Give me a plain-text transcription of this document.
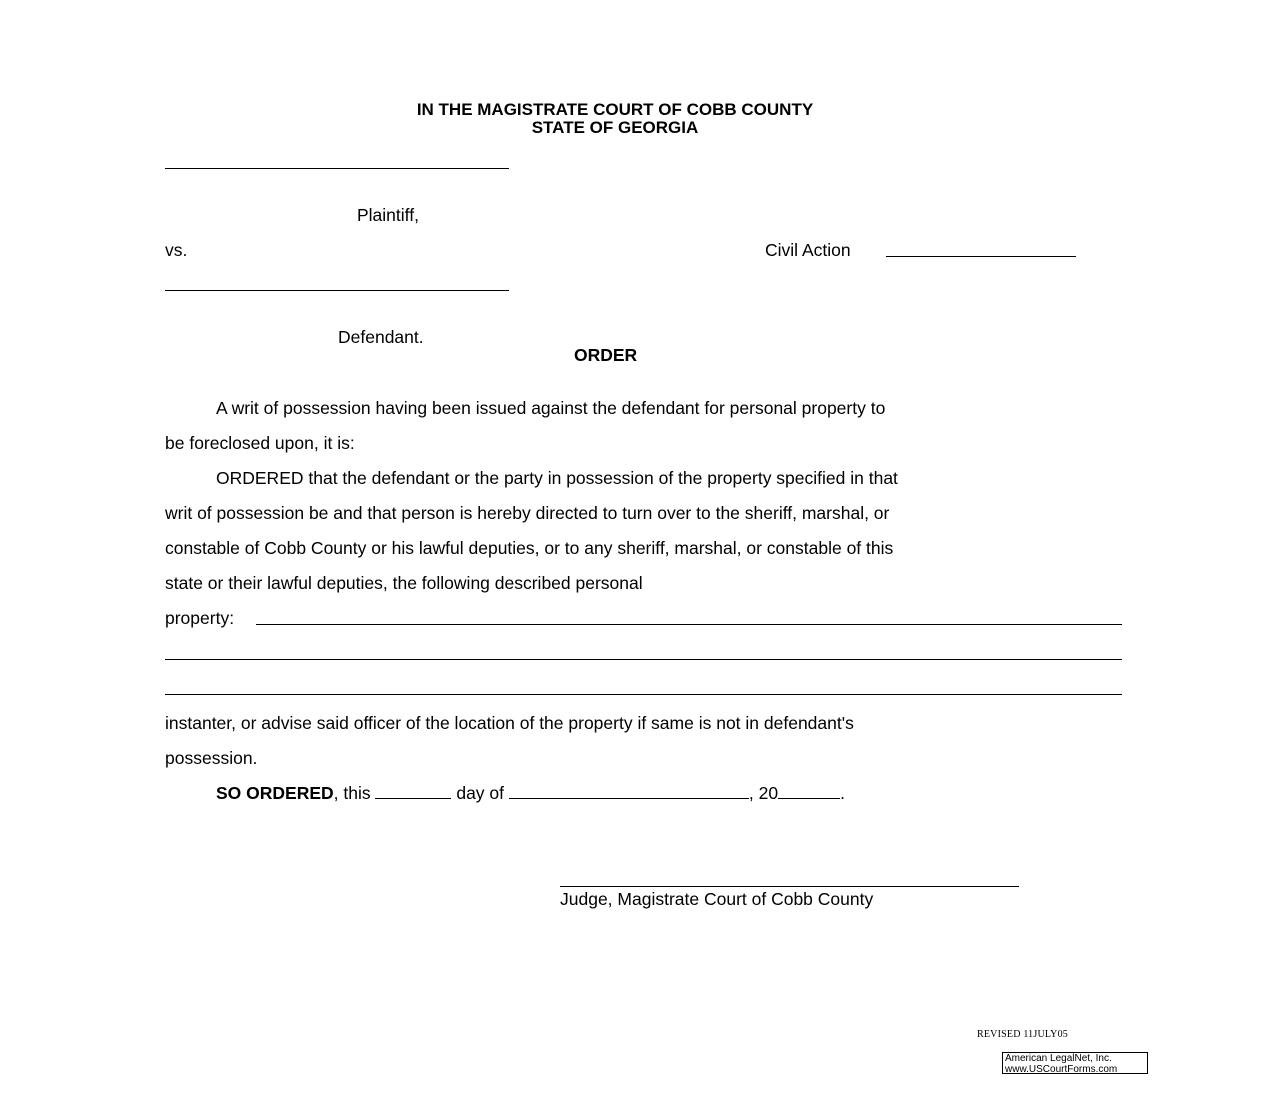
IN THE MAGISTRATE COURT OF COBB COUNTY
STATE OF GEORGIA
Plaintiff,
vs.	Civil Action
Defendant.
ORDER
A writ of possession having been issued against the defendant for personal property to
be foreclosed upon, it is:
ORDERED that the defendant or the party in possession of the property specified in that
writ of possession be and that person is hereby directed to turn over to the sheriff, marshal, or
constable of Cobb County or his lawful deputies, or to any sheriff, marshal, or constable of this
state or their lawful deputies, the following described personal
property:
instanter, or advise said officer of the location of the property if same is not in defendant's
possession.
SO ORDERED, this	day of	, 20	.
Judge, Magistrate Court of Cobb County
REVISED 11JULY05
American LegalNet, Inc.
www.USCourtForms.com
